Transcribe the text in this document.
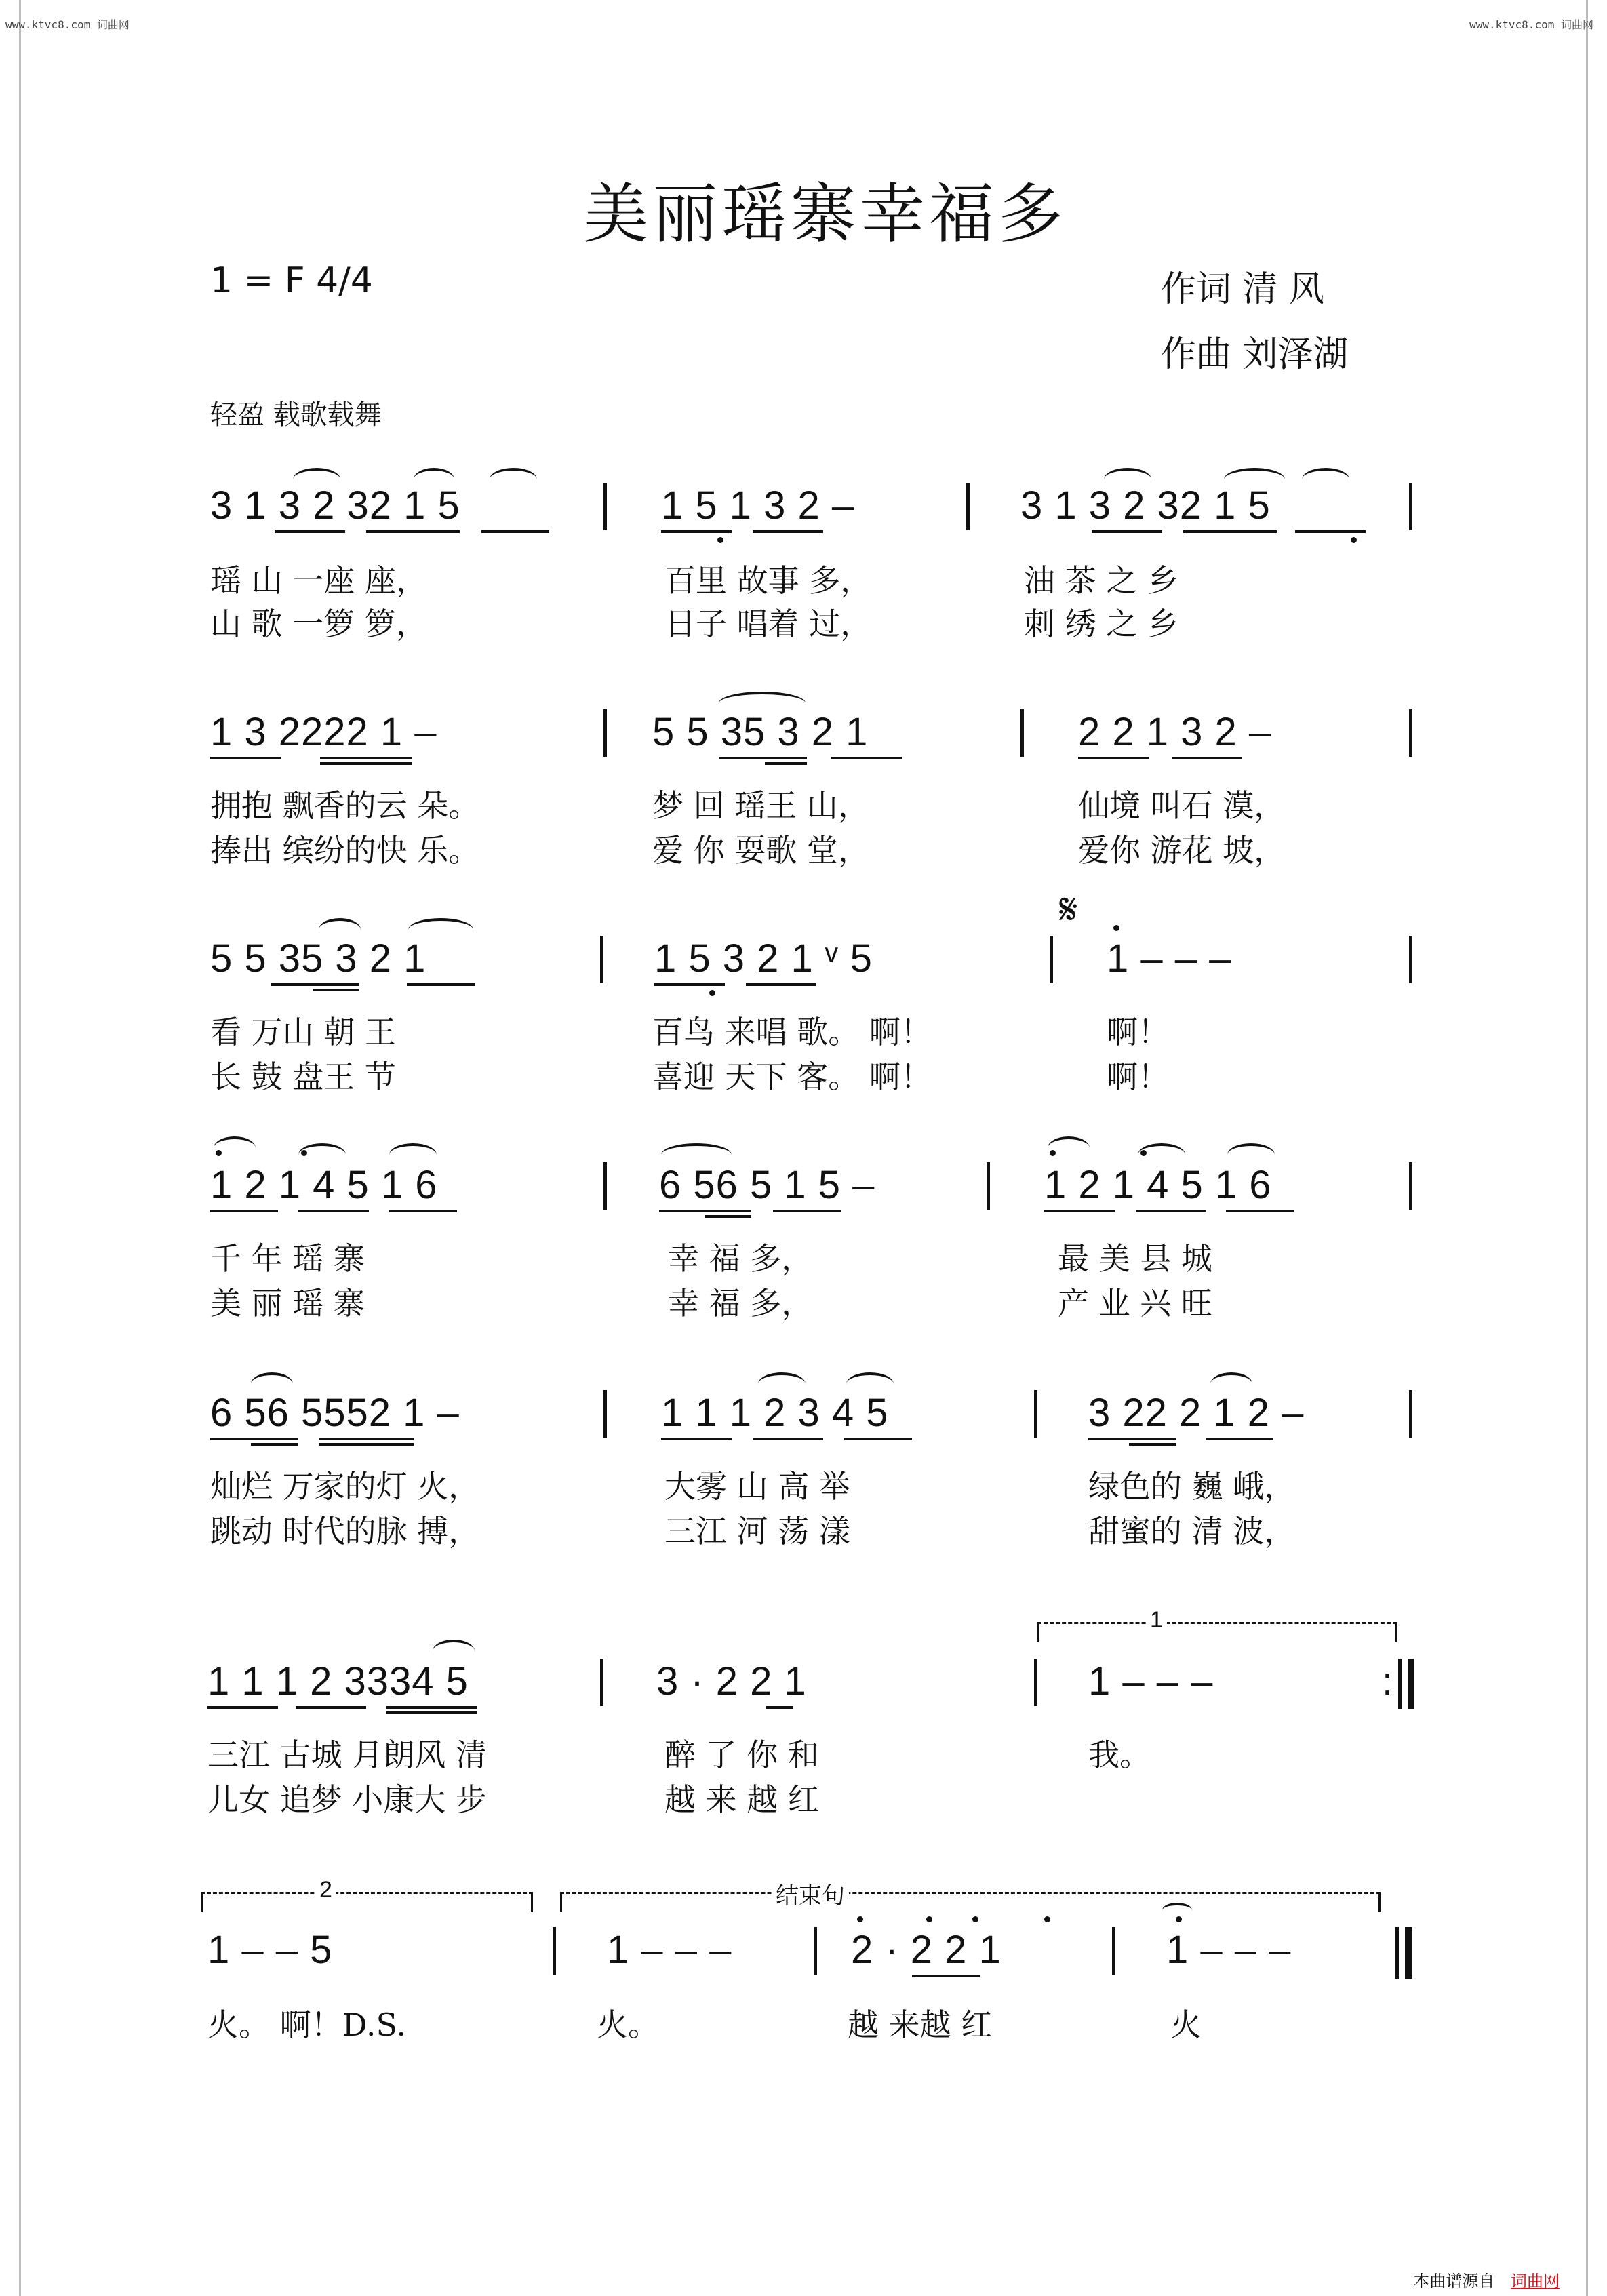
www.ktvc8.com 词曲网	www.ktvc8.com 词曲网
美丽瑶寨幸福多
1 = F 4/4	作词 清 风
作曲 刘泽湖
轻盈 载歌载舞
3 1 3 2 32 1 5	1 5 1 3 2 –	3 1 3 2 32 1 5
瑶 山 一座 座，	百里 故事 多，	油 茶 之 乡
山 歌 一箩 箩，	日子 唱着 过，	刺 绣 之 乡
1 3 2222 1 –	5 5 35 3 2 1	2 2 1 3 2 –
拥抱 飘香的云 朵。	梦 回 瑶王 山，	仙境 叫石 漠，
捧出 缤纷的快 乐。	爱 你 耍歌 堂，	爱你 游花 坡，
𝄋
5 5 35 3 2 1	1 5 3 2 1 ᵛ 5	1 – – –
看 万山 朝 王	百鸟 来唱 歌。 啊！	啊！
长 鼓 盘王 节	喜迎 天下 客。 啊！	啊！
1 2 1 4 5 1 6	6 56 5 1 5 –	1 2 1 4 5 1 6
千 年 瑶 寨	幸 福 多，	最 美 县 城
美 丽 瑶 寨	幸 福 多，	产 业 兴 旺
6 56 5552 1 –	1 1 1 2 3 4 5	3 22 2 1 2 –
灿烂 万家的灯 火，	大雾 山 高 举	绿色的 巍 峨，
跳动 时代的脉 搏，	三江 河 荡 漾	甜蜜的 清 波，
1
1 1 1 2 3334 5	3 · 2 2 1	1 – – –	:
三江 古城 月朗风 清	醉 了 你 和	我。
儿女 追梦 小康大 步	越 来 越 红
2	结束句
1 – – 5	1 – – –	2 · 2 2 1	1 – – –
火。 啊！D.S.	火。	越 来越 红	火
本曲谱源自 词曲网
